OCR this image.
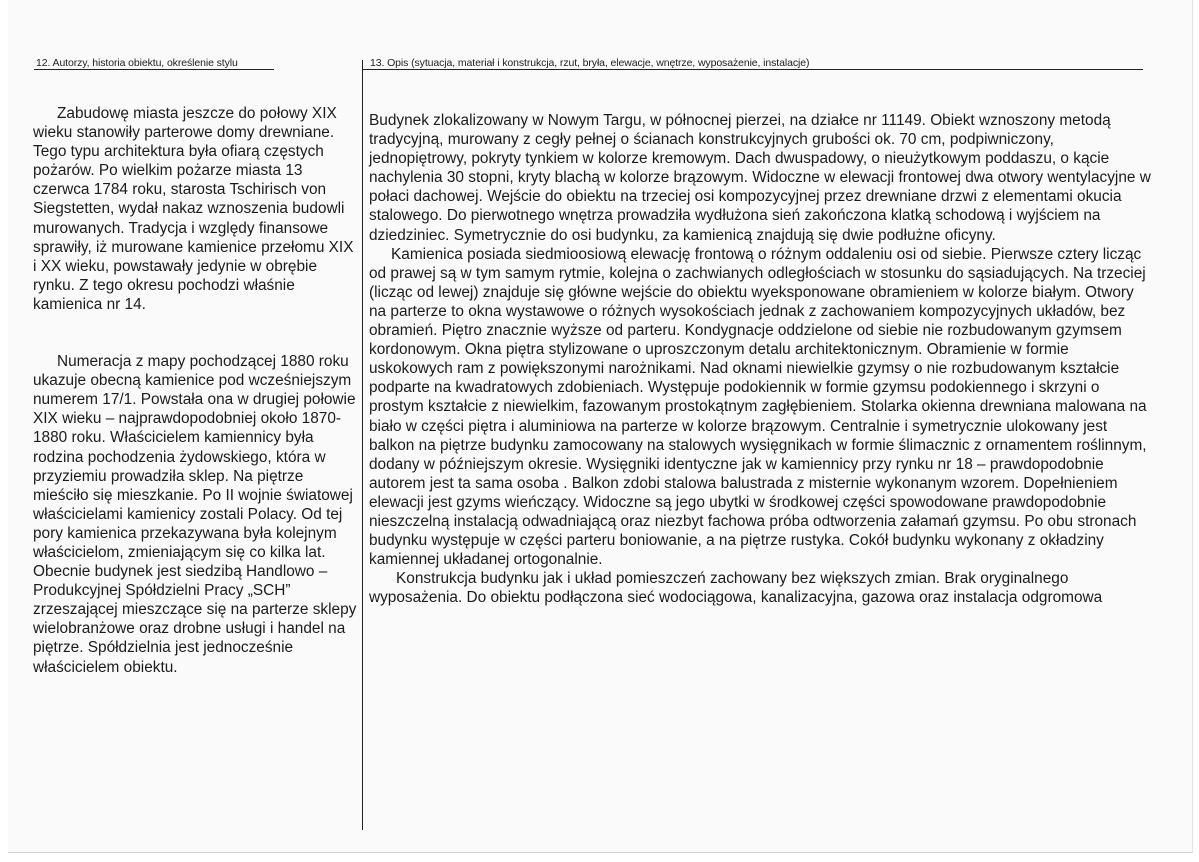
12. Autorzy, historia obiektu, określenie stylu	13. Opis (sytuacja, materiał i konstrukcja, rzut, bryła, elewacje, wnętrze, wyposażenie, instalacje)

Zabudowę miasta jeszcze do połowy XIX wieku stanowiły parterowe domy drewniane. Tego typu architektura była ofiarą częstych pożarów. Po wielkim pożarze miasta 13 czerwca 1784 roku, starosta Tschirisch von Siegstetten, wydał nakaz wznoszenia budowli murowanych. Tradycja i względy finansowe sprawiły, iż murowane kamienice przełomu XIX i XX wieku, powstawały jedynie w obrębie rynku. Z tego okresu pochodzi właśnie kamienica nr 14.

Numeracja z mapy pochodzącej 1880 roku ukazuje obecną kamienice pod wcześniejszym numerem 17/1. Powstała ona w drugiej połowie XIX wieku – najprawdopodobniej około 1870-1880 roku. Właścicielem kamiennicy była rodzina pochodzenia żydowskiego, która w przyziemiu prowadziła sklep. Na piętrze mieściło się mieszkanie. Po II wojnie światowej właścicielami kamienicy zostali Polacy. Od tej pory kamienica przekazywana była kolejnym właścicielom, zmieniającym się co kilka lat. Obecnie budynek jest siedzibą Handlowo – Produkcyjnej Spółdzielni Pracy „SCH” zrzeszającej mieszczące się na parterze sklepy wielobranżowe oraz drobne usługi i handel na piętrze. Spółdzielnia jest jednocześnie właścicielem obiektu.

Budynek zlokalizowany w Nowym Targu, w północnej pierzei, na działce nr 11149. Obiekt wznoszony metodą tradycyjną, murowany z cegły pełnej o ścianach konstrukcyjnych grubości ok. 70 cm, podpiwniczony, jednopiętrowy, pokryty tynkiem w kolorze kremowym. Dach dwuspadowy, o nieużytkowym poddaszu, o kącie nachylenia 30 stopni, kryty blachą w kolorze brązowym. Widoczne w elewacji frontowej dwa otwory wentylacyjne w połaci dachowej. Wejście do obiektu na trzeciej osi kompozycyjnej przez drewniane drzwi z elementami okucia stalowego. Do pierwotnego wnętrza prowadziła wydłużona sień zakończona klatką schodową i wyjściem na dziedziniec. Symetrycznie do osi budynku, za kamienicą znajdują się dwie podłużne oficyny.

Kamienica posiada siedmioosiową elewację frontową o różnym oddaleniu osi od siebie. Pierwsze cztery licząc od prawej są w tym samym rytmie, kolejna o zachwianych odległościach w stosunku do sąsiadujących. Na trzeciej (licząc od lewej) znajduje się główne wejście do obiektu wyeksponowane obramieniem w kolorze białym. Otwory na parterze to okna wystawowe o różnych wysokościach jednak z zachowaniem kompozycyjnych układów, bez obramień. Piętro znacznie wyższe od parteru. Kondygnacje oddzielone od siebie nie rozbudowanym gzymsem kordonowym. Okna piętra stylizowane o uproszczonym detalu architektonicznym. Obramienie w formie uskokowych ram z powiększonymi narożnikami. Nad oknami niewielkie gzymsy o nie rozbudowanym kształcie podparte na kwadratowych zdobieniach. Występuje podokiennik w formie gzymsu podokiennego i skrzyni o prostym kształcie z niewielkim, fazowanym prostokątnym zagłębieniem. Stolarka okienna drewniana malowana na biało w części piętra i aluminiowa na parterze w kolorze brązowym. Centralnie i symetrycznie ulokowany jest balkon na piętrze budynku zamocowany na stalowych wysięgnikach w formie ślimacznic z ornamentem roślinnym, dodany w późniejszym okresie. Wysięgniki identyczne jak w kamiennicy przy rynku nr 18 – prawdopodobnie autorem jest ta sama osoba . Balkon zdobi stalowa balustrada z misternie wykonanym wzorem. Dopełnieniem elewacji jest gzyms wieńczący. Widoczne są jego ubytki w środkowej części spowodowane prawdopodobnie nieszczelną instalacją odwadniającą oraz niezbyt fachowa próba odtworzenia załamań gzymsu. Po obu stronach budynku występuje w części parteru boniowanie, a na piętrze rustyka. Cokół budynku wykonany z okładziny kamiennej układanej ortogonalnie.

Konstrukcja budynku jak i układ pomieszczeń zachowany bez większych zmian. Brak oryginalnego wyposażenia. Do obiektu podłączona sieć wodociągowa, kanalizacyjna, gazowa oraz instalacja odgromowa
